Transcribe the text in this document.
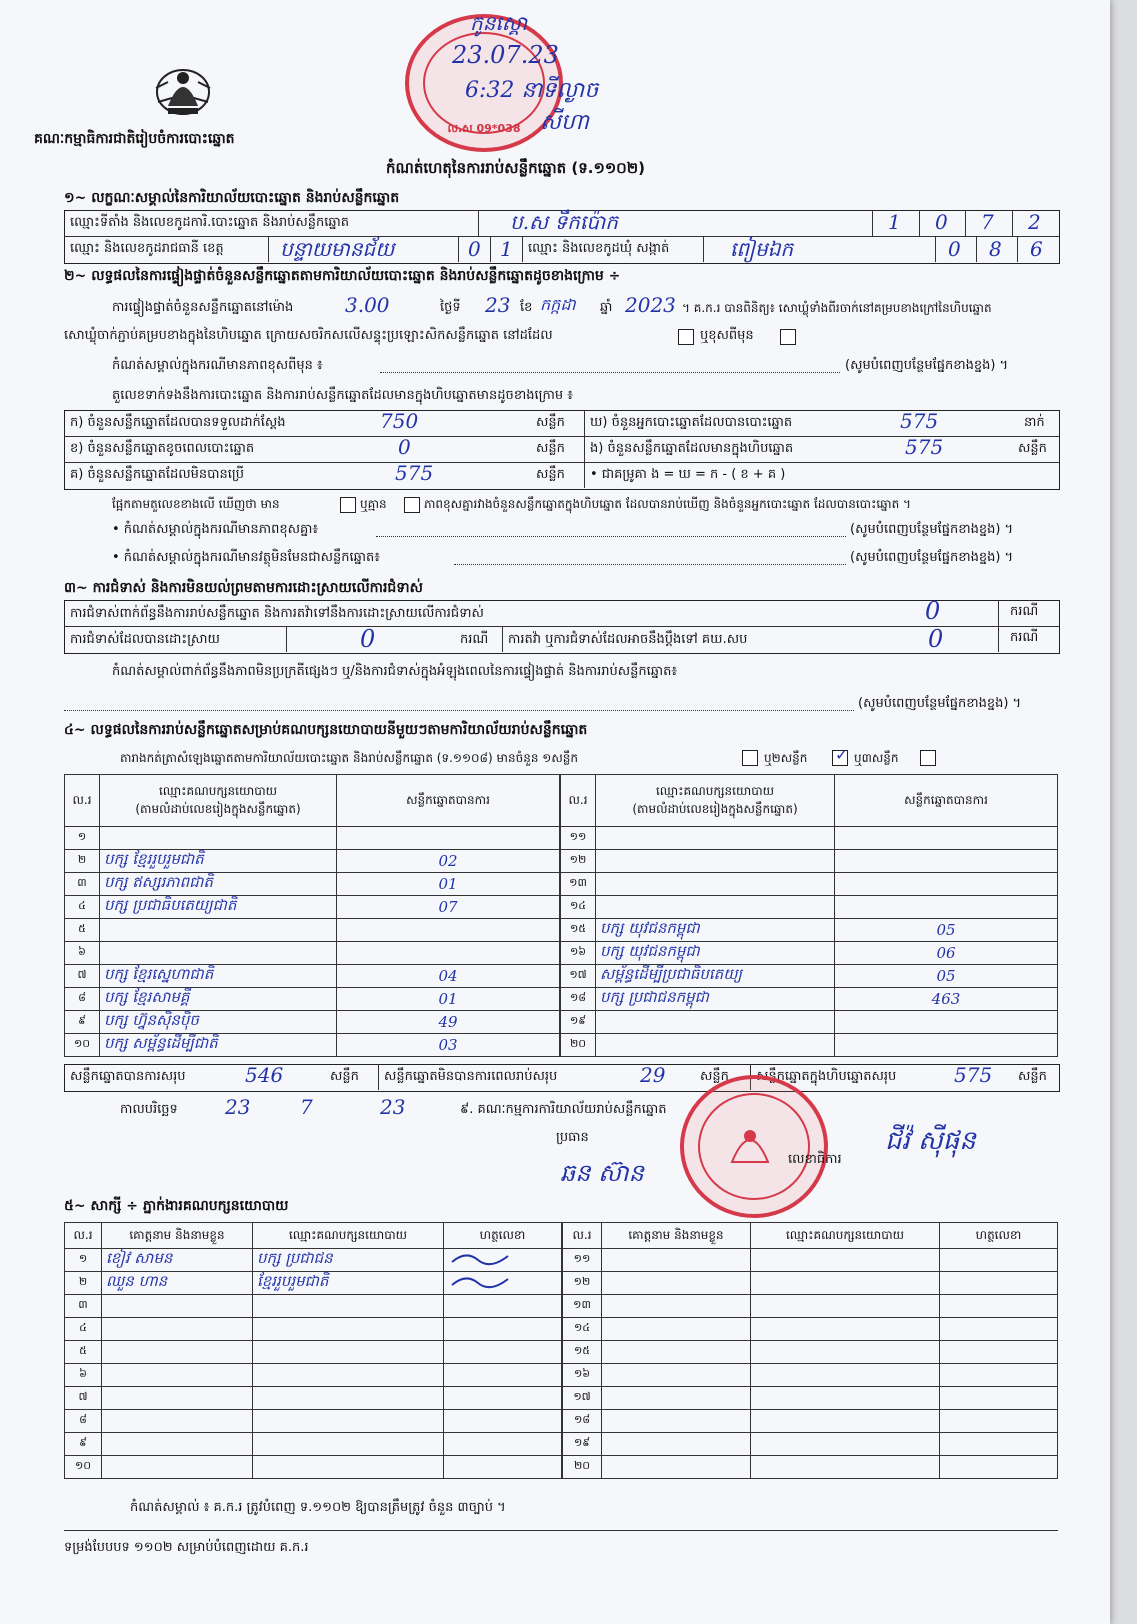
គណៈកម្មាធិការជាតិរៀបចំការបោះឆ្នោត
ល.ស 09*038
កូនស្គោ
23.07.23
6:32 នាទីល្ងាច
សីហា
កំណត់ហេតុនៃការរាប់សន្លឹកឆ្នោត (ទ.១១០២)
១~ លក្ខណៈសម្គាល់នៃការិយាល័យបោះឆ្នោត និងរាប់សន្លឹកឆ្នោត
ឈ្មោះទីតាំង និងលេខកូដការិ.បោះឆ្នោត និងរាប់សន្លឹកឆ្នោត	ប.ស ទឹកប៉ោក	1 0 7 2
ឈ្មោះ និងលេខកូដរាជធានី ខេត្ត	បន្ទាយមានជ័យ	0 1 ឈ្មោះ និងលេខកូដឃុំ សង្កាត់	ពៀមឯក	0 8 6
២~ លទ្ធផលនៃការផ្ទៀងផ្ទាត់ចំនួនសន្លឹកឆ្នោតតាមការិយាល័យបោះឆ្នោត និងរាប់សន្លឹកឆ្នោតដូចខាងក្រោម ÷
ការផ្ទៀងផ្ទាត់ចំនួនសន្លឹកឆ្នោតនៅម៉ោង	3.00	ថ្ងៃទី 23 ខែ កក្កដា ឆ្នាំ 2023 ។ គ.ក.រ បានពិនិត្យ៖ សោឃ្លុំទាំងពីរចាក់នៅគម្របខាងក្រៅនៃហិបឆ្នោត
សោឃ្លុំចាក់ភ្ជាប់គម្របខាងក្នុងនៃហិបឆ្នោត ក្រោយសចរិកសលើសន្ទុះប្រឡោះសិកសន្លឹកឆ្នោត នៅដដែល	ឬខុសពីមុន
កំណត់សម្គាល់ក្នុងករណីមានភាពខុសពីមុន ៖	(សូមបំពេញបន្ថែមផ្នែកខាងខ្នង) ។
តួលេខទាក់ទងនឹងការបោះឆ្នោត និងការរាប់សន្លឹកឆ្នោតដែលមានក្នុងហិបឆ្នោតមានដូចខាងក្រោម ៖
ក) ចំនួនសន្លឹកឆ្នោតដែលបានទទួលដាក់ស្តែង	750	សន្លឹក
ខ) ចំនួនសន្លឹកឆ្នោតខូចពេលបោះឆ្នោត	0	សន្លឹក
គ) ចំនួនសន្លឹកឆ្នោតដែលមិនបានប្រើ	575	សន្លឹក
ឃ) ចំនួនអ្នកបោះឆ្នោតដែលបានបោះឆ្នោត	575	នាក់
ង) ចំនួនសន្លឹកឆ្នោតដែលមានក្នុងហិបឆ្នោត	575	សន្លឹក
• ជាគម្រូគា ង = ឃ = ក - ( ខ + គ )
ផ្អែកតាមតួលេខខាងលើ ឃើញថា មាន	ឬគ្មាន	ភាពខុសគ្នារវាងចំនួនសន្លឹកឆ្នោតក្នុងហិបឆ្នោត ដែលបានរាប់ឃើញ និងចំនួនអ្នកបោះឆ្នោត ដែលបានបោះឆ្នោត ។
• កំណត់សម្គាល់ក្នុងករណីមានភាពខុសគ្នា៖	(សូមបំពេញបន្ថែមផ្នែកខាងខ្នង) ។
• កំណត់សម្គាល់ក្នុងករណីមានវត្ថុមិនមែនជាសន្លឹកឆ្នោត៖	(សូមបំពេញបន្ថែមផ្នែកខាងខ្នង) ។
៣~ ការជំទាស់ និងការមិនយល់ព្រមតាមការដោះស្រាយលើការជំទាស់
ការជំទាស់ពាក់ព័ន្ធនឹងការរាប់សន្លឹកឆ្នោត និងការតវ៉ាទៅនឹងការដោះស្រាយលើការជំទាស់	0	ករណី
ការជំទាស់ដែលបានដោះស្រាយ	0	ករណី ការតវ៉ា ឬការជំទាស់ដែលអាចនឹងប្តឹងទៅ គឃ.សប	0	ករណី
កំណត់សម្គាល់ពាក់ព័ន្ធនឹងភាពមិនប្រក្រតីផ្សេងៗ ឬ/និងការជំទាស់ក្នុងអំឡុងពេលនៃការផ្ទៀងផ្ទាត់ និងការរាប់សន្លឹកឆ្នោត៖
(សូមបំពេញបន្ថែមផ្នែកខាងខ្នង) ។
៤~ លទ្ធផលនៃការរាប់សន្លឹកឆ្នោតសម្រាប់គណបក្សនយោបាយនីមួយៗតាមការិយាល័យរាប់សន្លឹកឆ្នោត
តារាងកត់ត្រាសំឡេងឆ្នោតតាមការិយាល័យបោះឆ្នោត និងរាប់សន្លឹកឆ្នោត (ទ.១១០៨) មានចំនួន ១សន្លឹក	ឬ២សន្លឹក ✓ ឬ៣សន្លឹក
ល.រ	ឈ្មោះគណបក្សនយោបាយ
(តាមលំដាប់លេខរៀងក្នុងសន្លឹកឆ្នោត)	សន្លឹកឆ្នោតបានការ
១		
២	បក្ស ខ្មែររួបរួមជាតិ	02
៣	បក្ស ឥស្សរភាពជាតិ	01
៤	បក្ស ប្រជាធិបតេយ្យជាតិ	07
៥		
៦		
៧	បក្ស ខ្មែរស្នេហាជាតិ	04
៨	បក្ស ខ្មែរសាមគ្គី	01
៩	បក្ស ហ្វ៊ុនស៊ិនប៉ិច	49
១០	បក្ស សម្ព័ន្ធដើម្បីជាតិ	03
ល.រ	ឈ្មោះគណបក្សនយោបាយ
(តាមលំដាប់លេខរៀងក្នុងសន្លឹកឆ្នោត)	សន្លឹកឆ្នោតបានការ
១១		
១២		
១៣		
១៤		
១៥	បក្ស យុវជនកម្ពុជា	05
១៦	បក្ស យុវជនកម្ពុជា	06
១៧	សម្ព័ន្ធដើម្បីប្រជាធិបតេយ្យ	05
១៨	បក្ស ប្រជាជនកម្ពុជា	463
១៩		
២០		
សន្លឹកឆ្នោតបានការសរុប	546	សន្លឹក សន្លឹកឆ្នោតមិនបានការពេលរាប់សរុប	29	សន្លឹក សន្លឹកឆ្នោតក្នុងហិបឆ្នោតសរុប	575 សន្លឹក
កាលបរិច្ឆេទ 23 7	23	៩. គណៈកម្មការការិយាល័យរាប់សន្លឹកឆ្នោត
ប្រធាន
ឆន ស៊ាន	លេខាធិការ
ជីវ៉ ស៊ីផុន
៥~ សាក្សី ÷ ភ្នាក់ងារគណបក្សនយោបាយ
ល.រ	គោត្តនាម និងនាមខ្លួន	ឈ្មោះគណបក្សនយោបាយ	ហត្ថលេខា
១	ខៀវ សាមន	បក្ស ប្រជាជន	
២	ឈួន ហាន	ខ្មែររួបរួមជាតិ	
៣			
៤			
៥			
៦			
៧			
៨			
៩			
១០			
ល.រ	គោត្តនាម និងនាមខ្លួន	ឈ្មោះគណបក្សនយោបាយ	ហត្ថលេខា
១១			
១២			
១៣			
១៤			
១៥			
១៦			
១៧			
១៨			
១៩			
២០			
កំណត់សម្គាល់ ៖ គ.ក.រ ត្រូវបំពេញ ទ.១១០២ ឱ្យបានត្រឹមត្រូវ ចំនួន ៣ច្បាប់ ។
ទម្រង់បែបបទ ១១០២ សម្រាប់បំពេញដោយ គ.ក.រ
